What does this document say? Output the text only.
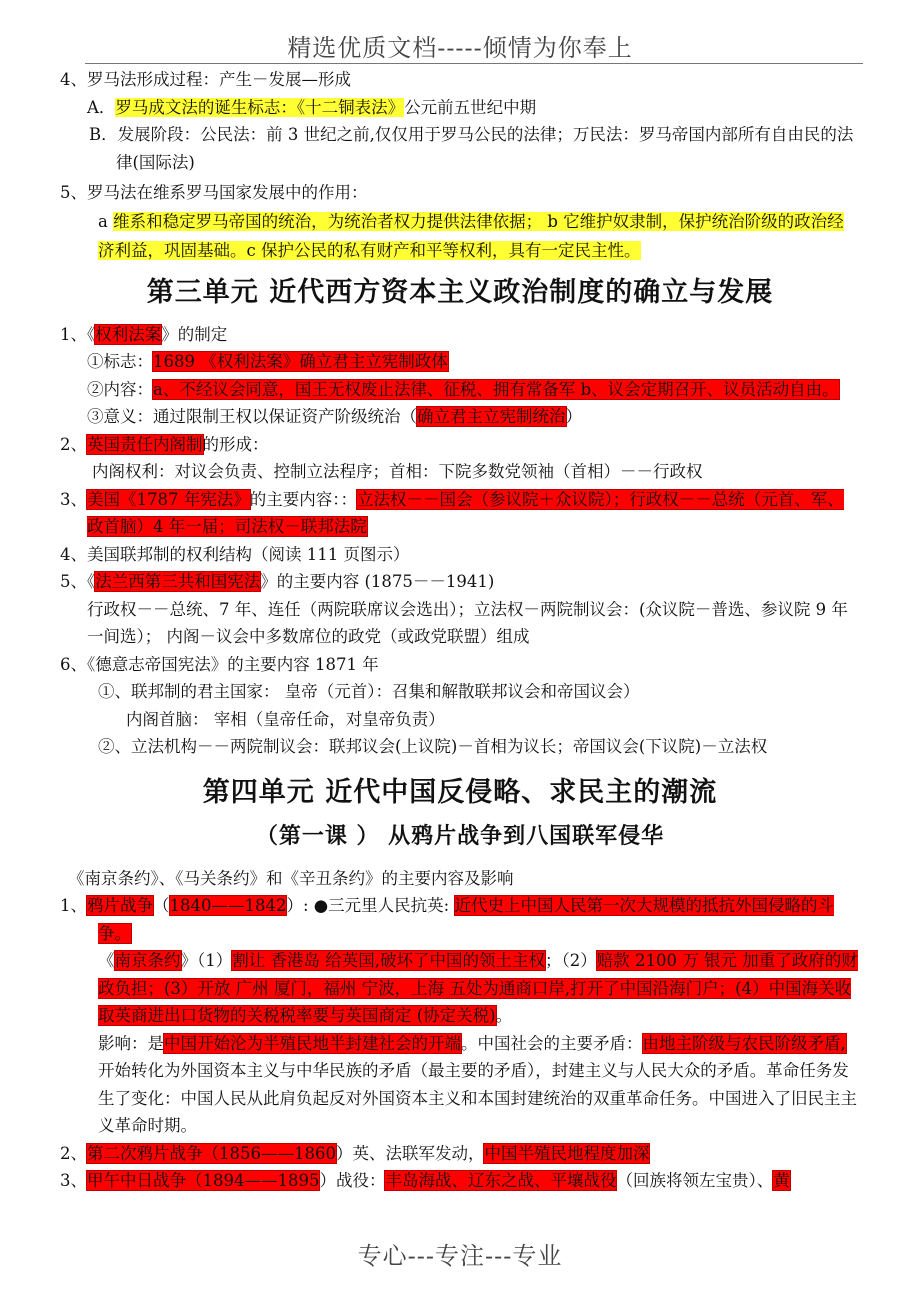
精选优质文档-----倾情为你奉上

4、罗马法形成过程：产生－发展—形成

A．罗马成文法的诞生标志：《十二铜表法》公元前五世纪中期

B．发展阶段：公民法：前 3 世纪之前,仅仅用于罗马公民的法律；万民法：罗马帝国内部所有自由民的法律(国际法)

5、罗马法在维系罗马国家发展中的作用：

a 维系和稳定罗马帝国的统治，为统治者权力提供法律依据； b 它维护奴隶制，保护统治阶级的政治经济利益，巩固基础。c 保护公民的私有财产和平等权利，具有一定民主性。

第三单元 近代西方资本主义政治制度的确立与发展

1、《权利法案》的制定

①标志：1689 《权利法案》确立君主立宪制政体

②内容：a、不经议会同意，国王无权废止法律、征税、拥有常备军 b、议会定期召开、议员活动自由。

③意义：通过限制王权以保证资产阶级统治（确立君主立宪制统治）

2、英国责任内阁制的形成：

内阁权利：对议会负责、控制立法程序；首相：下院多数党领袖（首相）－－行政权

3、美国《1787 年宪法》的主要内容：：立法权－－国会（参议院＋众议院）；行政权－－总统（元首、军、政首脑）4 年一届；司法权－联邦法院

4、美国联邦制的权利结构（阅读 111 页图示）

5、《法兰西第三共和国宪法》的主要内容 (1875－－1941)

行政权－－总统、7 年、连任（两院联席议会选出）；立法权－两院制议会：(众议院－普选、参议院 9 年一间选）； 内阁－议会中多数席位的政党（或政党联盟）组成

6、《德意志帝国宪法》的主要内容 1871 年

①、联邦制的君主国家： 皇帝（元首）：召集和解散联邦议会和帝国议会）

内阁首脑： 宰相（皇帝任命，对皇帝负责）

②、立法机构－－两院制议会：联邦议会(上议院)－首相为议长；帝国议会(下议院)－立法权

第四单元 近代中国反侵略、求民主的潮流
（第一课 ） 从鸦片战争到八国联军侵华

《南京条约》、《马关条约》和《辛丑条约》的主要内容及影响

1、鸦片战争（1840——1842）: ●三元里人民抗英: 近代史上中国人民第一次大规模的抵抗外国侵略的斗争。

《南京条约》（1）割让 香港岛 给英国,破坏了中国的领土主权；（2）赔款 2100 万 银元 加重了政府的财政负担；(3）开放 广州 厦门，福州 宁波，上海 五处为通商口岸,打开了中国沿海门户；(4）中国海关收取英商进出口货物的关税税率要与英国商定 (协定关税)。

影响：是中国开始沦为半殖民地半封建社会的开端。中国社会的主要矛盾：由地主阶级与农民阶级矛盾,开始转化为外国资本主义与中华民族的矛盾（最主要的矛盾），封建主义与人民大众的矛盾。革命任务发生了变化：中国人民从此肩负起反对外国资本主义和本国封建统治的双重革命任务。中国进入了旧民主主义革命时期。

2、第二次鸦片战争（1856——1860）英、法联军发动，中国半殖民地程度加深

3、甲午中日战争（1894——1895）战役：丰岛海战、辽东之战、平壤战役（回族将领左宝贵）、黄

专心---专注---专业
